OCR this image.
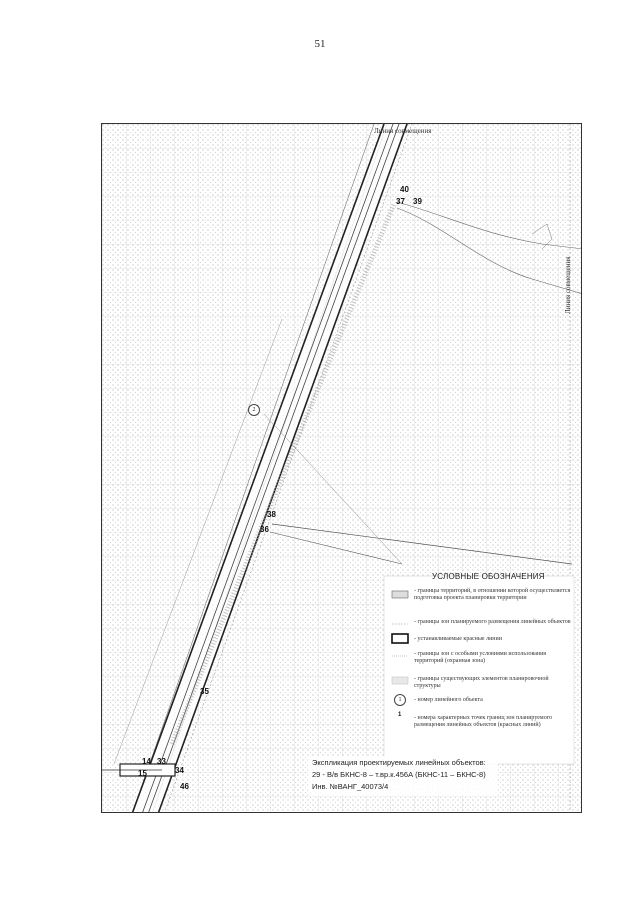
51
Линия совмещения
Линия совмещения
2
40
37 39
38
36
35
34
33
14
15
46
УСЛОВНЫЕ ОБОЗНАЧЕНИЯ
- границы территорий, в отношении которой осуществляется подготовка проекта планировки территории
- границы зон планируемого размещения линейных объектов
- устанавливаемые красные линии
- границы зон с особыми условиями использования территорий (охранная зона)
- границы существующих элементов планировочной структуры
1	- номер линейного объекта
1 - номера характерных точек границ зон планируемого размещения линейных объектов (красных линий)
Экспликация проектируемых линейных объектов:
29 - В/в БКНС-8 – т.вр.к.456А (БКНС-11 – БКНС-8)
Инв. №ВАНГ_40073/4
